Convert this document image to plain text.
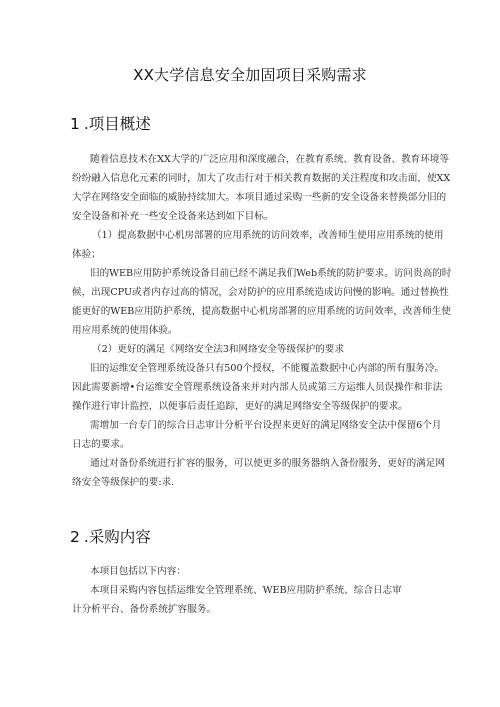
XX大学信息安全加固项目采购需求
1 .项目概述
随着信息技术在XX大学的广泛应用和深度融合，在教育系统、教育设备、教育环境等
纷纷融入信息化元素的同时，加大了攻击行对于相关教育数据的关注程度和攻击面，使XX
大学在网络安全面临的威胁持续加大。本项目通过采购一些新的安全设备来替换部分旧的
安全设备和补充一些安全设备来达到如下目标。
（1）提高数据中心机房部署的应用系统的访问效率，改善师生使用应用系统的使用
体验；
旧的WEB应用防护系统设备目前已经不满足我们Web系统的防护要求。访问贵高的时
候，出现CPU或者内存过高的情况，会对防护的应用系统造成访问慢的影响。通过替换性
能更好的WEB应用防护系统，提高数据中心机房部署的应用系统的访问效率，改善师生使
用应用系统的使用体验。
（2）更好的满足《网络安全法3和网络安全等级保护的要求
旧的运维安全管理系统设备只有500个授权，不能覆盖数据中心内部的所有服务冷。
因此需要新增•台运维安全管理系统设备来并对内部人员或第三方运维人员误操作和非法
操作进行审计监控，以便事后责任追踪，更好的满足网络安全等级保护的要求。
需增加一台专门的综合日志审计分析平台设捏来更好的满足网络安全法中保留6个月
日志的要求。
通过对备份系统进行扩容的服务，可以使更多的服务器纳入备份服务，更好的满足网
络安全等级保护的要:求.
2 .采购内容
本项目包括以下内容：
本项目采购内容包括运维安全管理系统、WEB应用防护系统、综合日志审
计分析平台、备份系统扩容服务。
